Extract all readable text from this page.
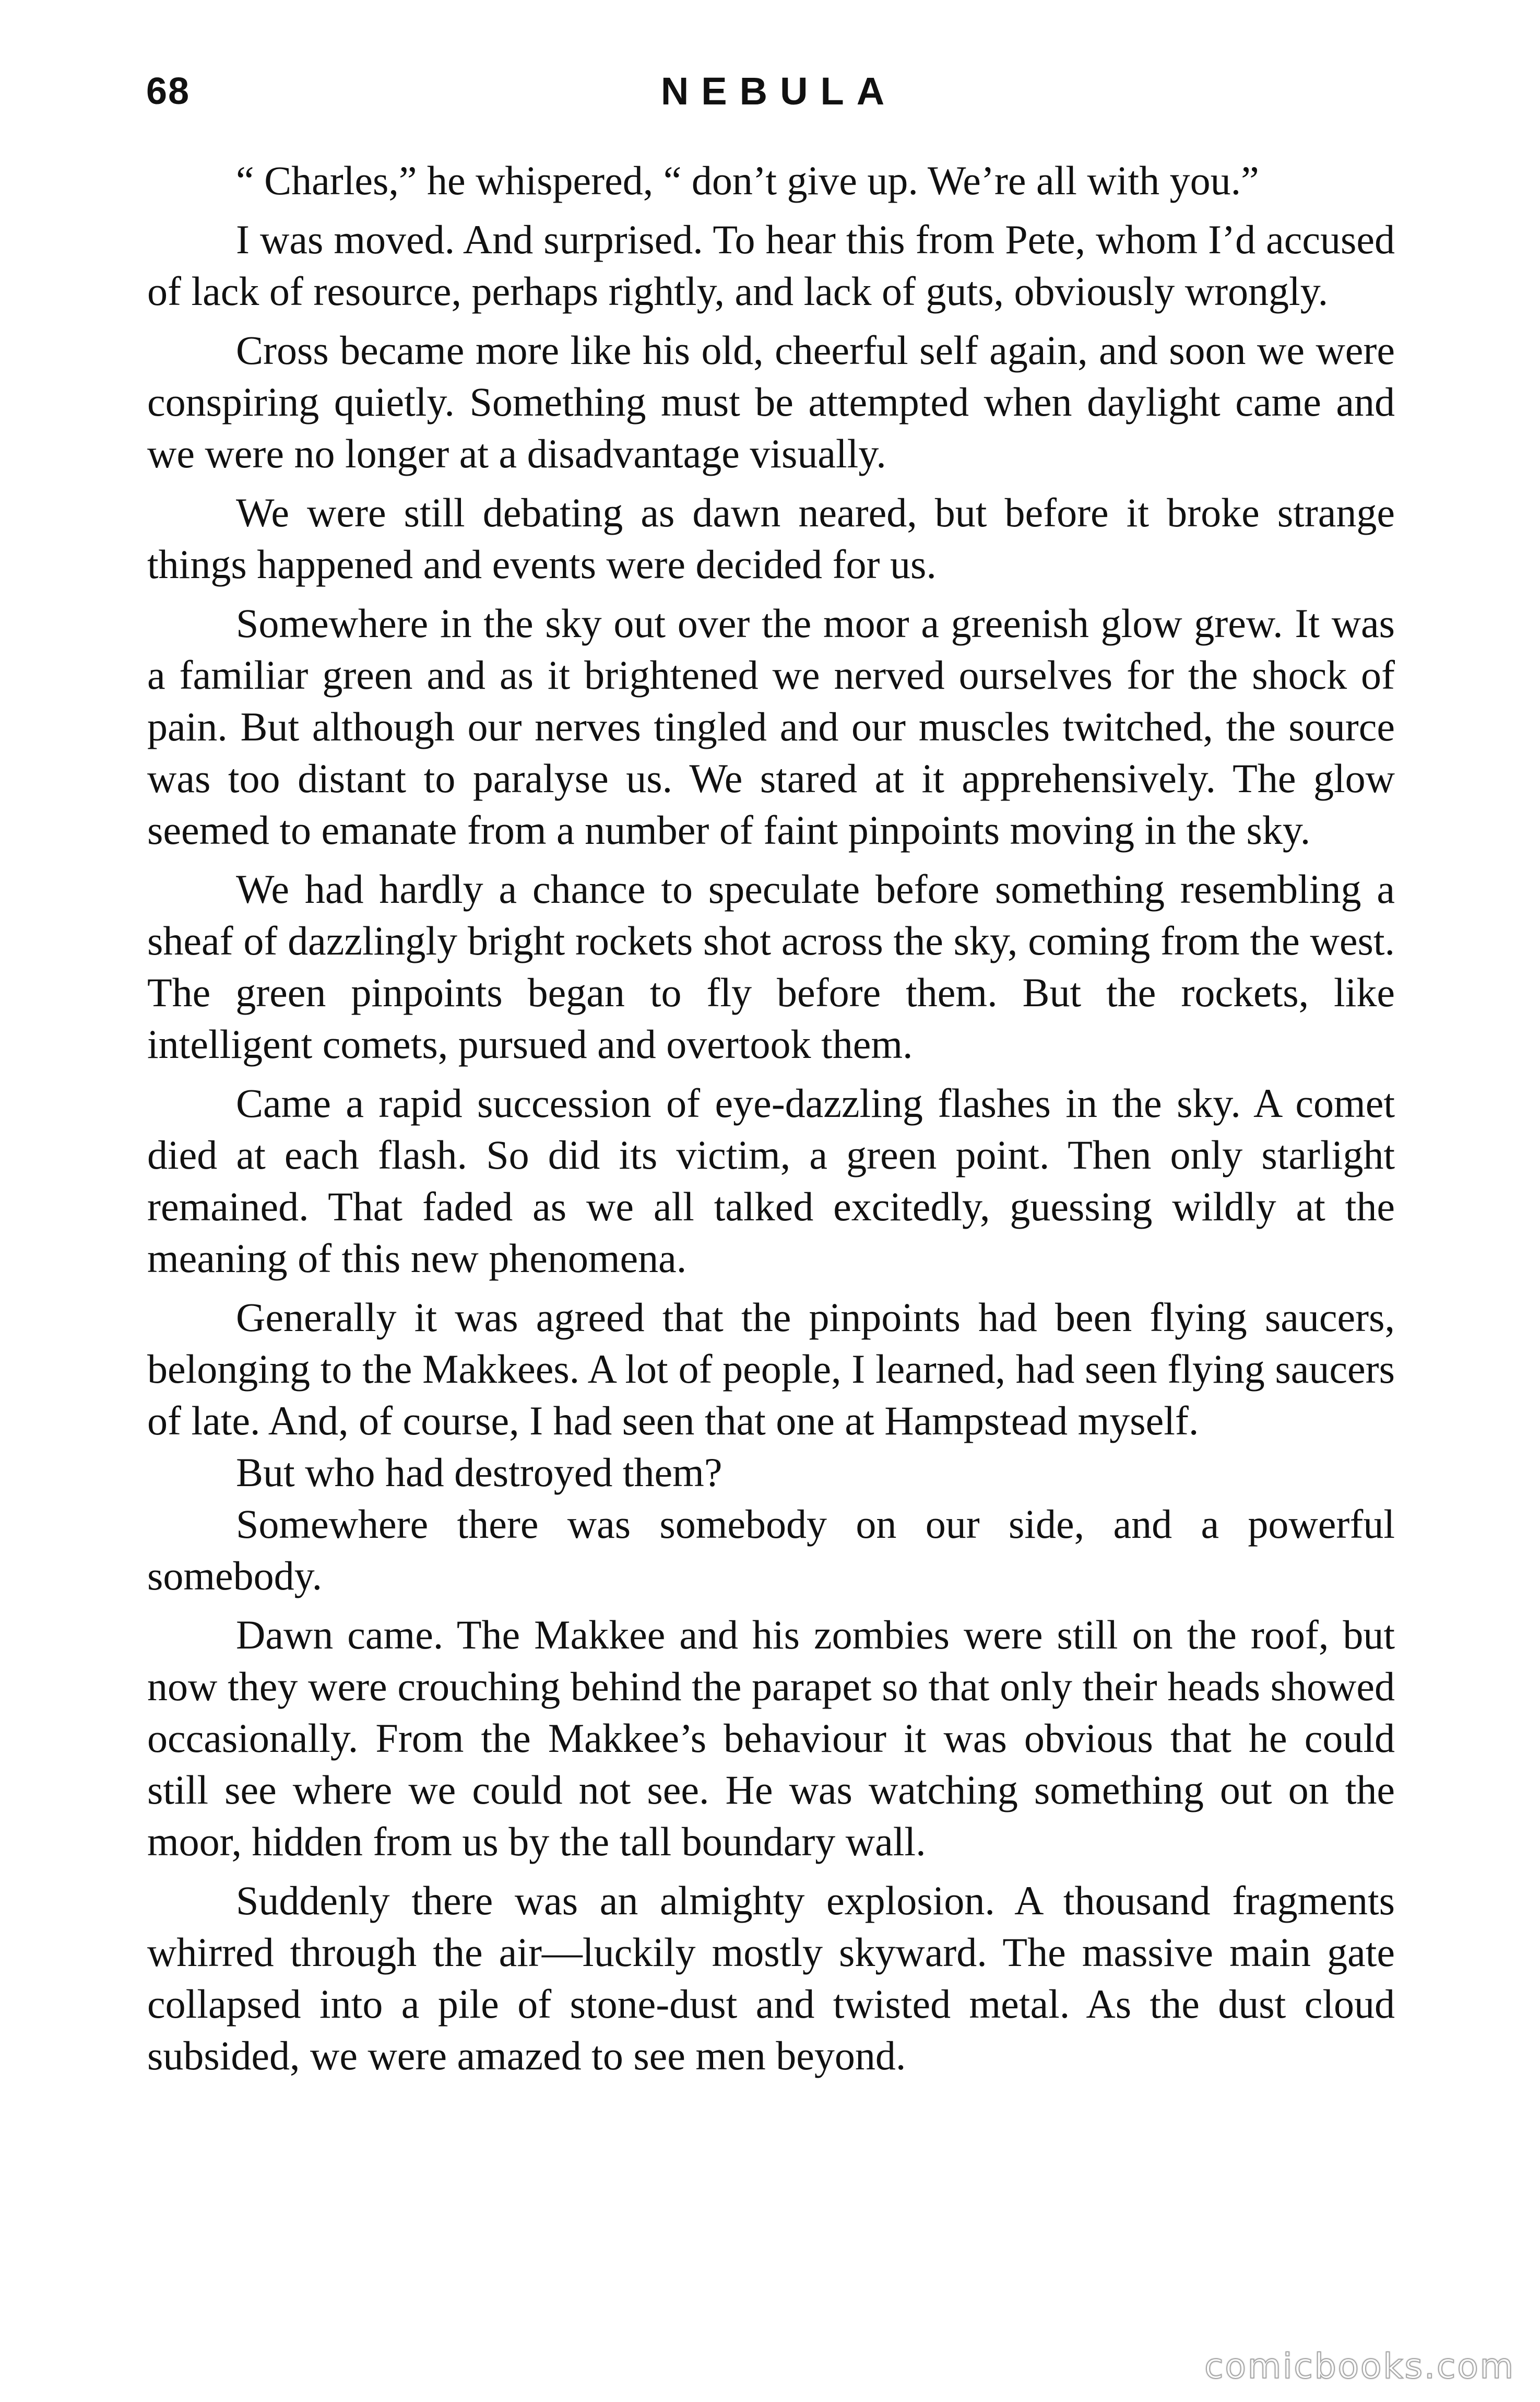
68	NEBULA

“ Charles,” he whispered, “ don’t give up. We’re all with you.”

I was moved. And surprised. To hear this from Pete, whom I’d accused of lack of resource, perhaps rightly, and lack of guts, obviously wrongly.

Cross became more like his old, cheerful self again, and soon we were conspiring quietly. Something must be attempted when daylight came and we were no longer at a disadvantage visually.

We were still debating as dawn neared, but before it broke strange things happened and events were decided for us.

Somewhere in the sky out over the moor a greenish glow grew. It was a familiar green and as it brightened we nerved ourselves for the shock of pain. But although our nerves tingled and our muscles twitched, the source was too distant to paralyse us. We stared at it apprehensively. The glow seemed to emanate from a number of faint pinpoints moving in the sky.

We had hardly a chance to speculate before something resembling a sheaf of dazzlingly bright rockets shot across the sky, coming from the west. The green pinpoints began to fly before them. But the rockets, like intelligent comets, pursued and overtook them.

Came a rapid succession of eye-dazzling flashes in the sky. A comet died at each flash. So did its victim, a green point. Then only starlight remained. That faded as we all talked excitedly, guessing wildly at the meaning of this new phenomena.

Generally it was agreed that the pinpoints had been flying saucers, belonging to the Makkees. A lot of people, I learned, had seen flying saucers of late. And, of course, I had seen that one at Hampstead myself.

But who had destroyed them?

Somewhere there was somebody on our side, and a powerful somebody.

Dawn came. The Makkee and his zombies were still on the roof, but now they were crouching behind the parapet so that only their heads showed occasionally. From the Makkee’s behaviour it was obvious that he could still see where we could not see. He was watching something out on the moor, hidden from us by the tall boundary wall.

Suddenly there was an almighty explosion. A thousand fragments whirred through the air—luckily mostly skyward. The massive main gate collapsed into a pile of stone-dust and twisted metal. As the dust cloud subsided, we were amazed to see men beyond.

comicbooks.com
